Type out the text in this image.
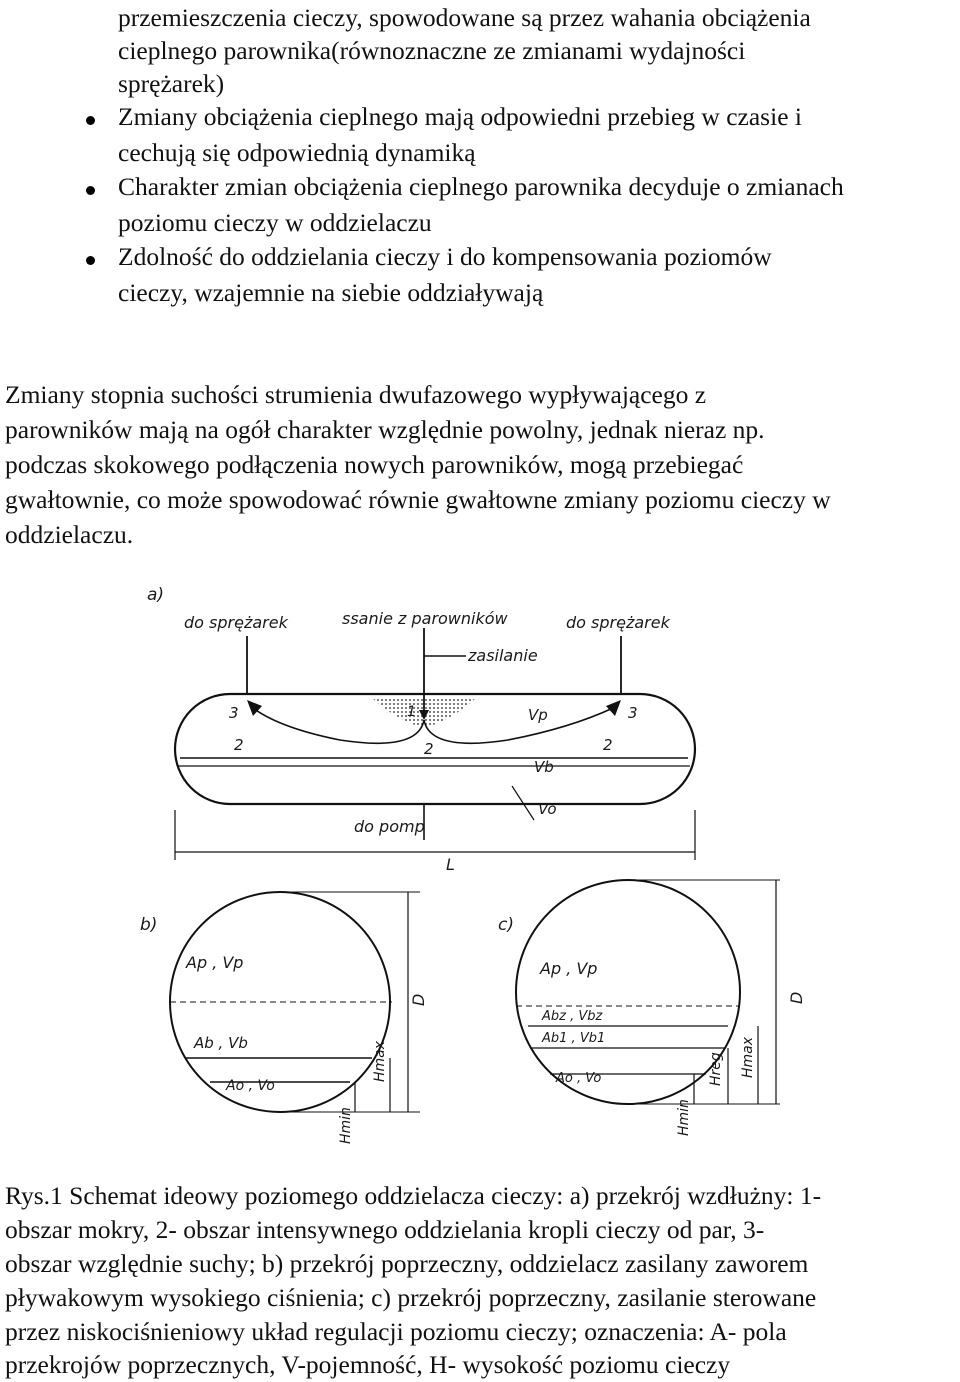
przemieszczenia cieczy, spowodowane są przez wahania obciążenia
cieplnego parownika(równoznaczne ze zmianami wydajności
sprężarek)
Zmiany obciążenia cieplnego mają odpowiedni przebieg w czasie i
cechują się odpowiednią dynamiką
Charakter zmian obciążenia cieplnego parownika decyduje o zmianach
poziomu cieczy w oddzielaczu
Zdolność do oddzielania cieczy i do kompensowania poziomów
cieczy, wzajemnie na siebie oddziaływają
Zmiany stopnia suchości strumienia dwufazowego wypływającego z
parowników mają na ogół charakter względnie powolny, jednak nieraz np.
podczas skokowego podłączenia nowych parowników, mogą przebiegać
gwałtownie, co może spowodować równie gwałtowne zmiany poziomu cieczy w
oddzielaczu.
a)
do sprężarek	ssanie z parowników	do sprężarek
zasilanie
3	3
1
2	2	2
Vp
Vb
Vo
do pomp
L
b)
Ap , Vp
Ab , Vb
Ao , Vo
D
Hmax
Hmin
c)
Ap , Vp
Abz , Vbz
Ab1 , Vb1
Ao , Vo
D
Hmax
Hreg
Hmin
Rys.1 Schemat ideowy poziomego oddzielacza cieczy: a) przekrój wzdłużny: 1-
obszar mokry, 2- obszar intensywnego oddzielania kropli cieczy od par, 3-
obszar względnie suchy; b) przekrój poprzeczny, oddzielacz zasilany zaworem
pływakowym wysokiego ciśnienia; c) przekrój poprzeczny, zasilanie sterowane
przez niskociśnieniowy układ regulacji poziomu cieczy; oznaczenia: A- pola
przekrojów poprzecznych, V-pojemność, H- wysokość poziomu cieczy
